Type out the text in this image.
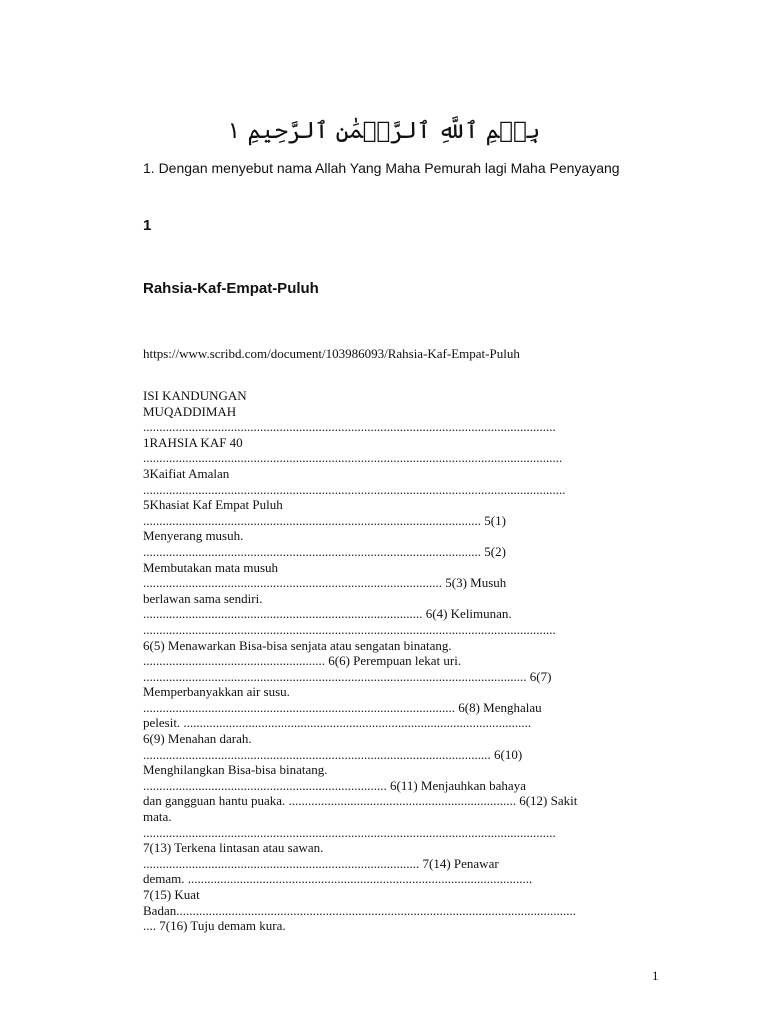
بِسۡمِ ٱللَّهِ ٱلرَّحۡمَٰنِ ٱلرَّحِيمِ ١
1. Dengan menyebut nama Allah Yang Maha Pemurah lagi Maha Penyayang
1
Rahsia-Kaf-Empat-Puluh
https://www.scribd.com/document/103986093/Rahsia-Kaf-Empat-Puluh
ISI KANDUNGAN
MUQADDIMAH
...............................................................................................................................
1RAHSIA KAF 40
.................................................................................................................................
3Kaifiat Amalan
..................................................................................................................................
5Khasiat Kaf Empat Puluh
........................................................................................................ 5(1)
Menyerang musuh.
........................................................................................................ 5(2)
Membutakan mata musuh
............................................................................................ 5(3) Musuh
berlawan sama sendiri.
...................................................................................... 6(4) Kelimunan.
...............................................................................................................................
6(5) Menawarkan Bisa-bisa senjata atau sengatan binatang.
........................................................ 6(6) Perempuan lekat uri.
...................................................................................................................... 6(7)
Memperbanyakkan air susu.
................................................................................................ 6(8) Menghalau
pelesit. ...........................................................................................................
6(9) Menahan darah.
........................................................................................................... 6(10)
Menghilangkan Bisa-bisa binatang.
........................................................................... 6(11) Menjauhkan bahaya
dan gangguan hantu puaka. ...................................................................... 6(12) Sakit
mata.
...............................................................................................................................
7(13) Terkena lintasan atau sawan.
..................................................................................... 7(14) Penawar
demam. ..........................................................................................................
7(15) Kuat
Badan...........................................................................................................................
.... 7(16) Tuju demam kura.
1
